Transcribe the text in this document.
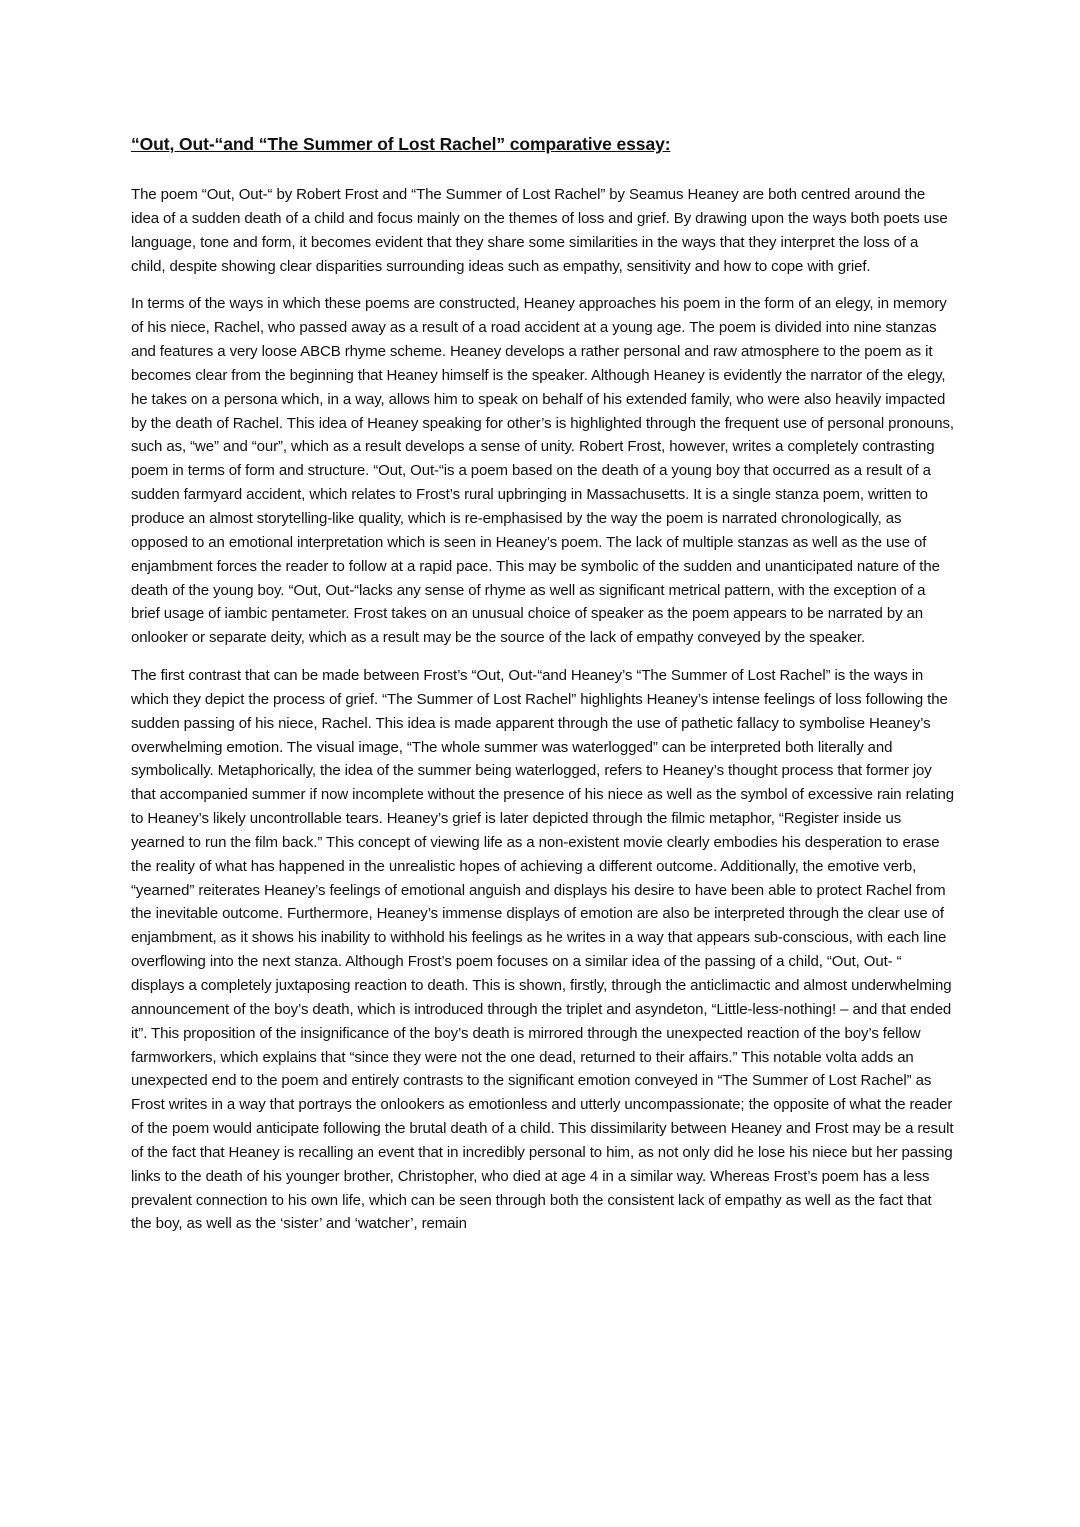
“Out, Out-“and “The Summer of Lost Rachel” comparative essay:

The poem “Out, Out-“ by Robert Frost and “The Summer of Lost Rachel” by Seamus Heaney are both centred around the idea of a sudden death of a child and focus mainly on the themes of loss and grief. By drawing upon the ways both poets use language, tone and form, it becomes evident that they share some similarities in the ways that they interpret the loss of a child, despite showing clear disparities surrounding ideas such as empathy, sensitivity and how to cope with grief.

In terms of the ways in which these poems are constructed, Heaney approaches his poem in the form of an elegy, in memory of his niece, Rachel, who passed away as a result of a road accident at a young age. The poem is divided into nine stanzas and features a very loose ABCB rhyme scheme. Heaney develops a rather personal and raw atmosphere to the poem as it becomes clear from the beginning that Heaney himself is the speaker. Although Heaney is evidently the narrator of the elegy, he takes on a persona which, in a way, allows him to speak on behalf of his extended family, who were also heavily impacted by the death of Rachel. This idea of Heaney speaking for other’s is highlighted through the frequent use of personal pronouns, such as, “we” and “our”, which as a result develops a sense of unity. Robert Frost, however, writes a completely contrasting poem in terms of form and structure. “Out, Out-“is a poem based on the death of a young boy that occurred as a result of a sudden farmyard accident, which relates to Frost’s rural upbringing in Massachusetts. It is a single stanza poem, written to produce an almost storytelling-like quality, which is re-emphasised by the way the poem is narrated chronologically, as opposed to an emotional interpretation which is seen in Heaney’s poem. The lack of multiple stanzas as well as the use of enjambment forces the reader to follow at a rapid pace. This may be symbolic of the sudden and unanticipated nature of the death of the young boy. “Out, Out-“lacks any sense of rhyme as well as significant metrical pattern, with the exception of a brief usage of iambic pentameter. Frost takes on an unusual choice of speaker as the poem appears to be narrated by an onlooker or separate deity, which as a result may be the source of the lack of empathy conveyed by the speaker.

The first contrast that can be made between Frost’s “Out, Out-“and Heaney’s “The Summer of Lost Rachel” is the ways in which they depict the process of grief. “The Summer of Lost Rachel” highlights Heaney’s intense feelings of loss following the sudden passing of his niece, Rachel. This idea is made apparent through the use of pathetic fallacy to symbolise Heaney’s overwhelming emotion. The visual image, “The whole summer was waterlogged” can be interpreted both literally and symbolically. Metaphorically, the idea of the summer being waterlogged, refers to Heaney’s thought process that former joy that accompanied summer if now incomplete without the presence of his niece as well as the symbol of excessive rain relating to Heaney’s likely uncontrollable tears. Heaney’s grief is later depicted through the filmic metaphor, “Register inside us yearned to run the film back.” This concept of viewing life as a non-existent movie clearly embodies his desperation to erase the reality of what has happened in the unrealistic hopes of achieving a different outcome. Additionally, the emotive verb, “yearned” reiterates Heaney’s feelings of emotional anguish and displays his desire to have been able to protect Rachel from the inevitable outcome. Furthermore, Heaney’s immense displays of emotion are also be interpreted through the clear use of enjambment, as it shows his inability to withhold his feelings as he writes in a way that appears sub-conscious, with each line overflowing into the next stanza. Although Frost’s poem focuses on a similar idea of the passing of a child, “Out, Out- “ displays a completely juxtaposing reaction to death. This is shown, firstly, through the anticlimactic and almost underwhelming announcement of the boy’s death, which is introduced through the triplet and asyndeton, “Little-less-nothing! – and that ended it”. This proposition of the insignificance of the boy’s death is mirrored through the unexpected reaction of the boy’s fellow farmworkers, which explains that “since they were not the one dead, returned to their affairs.” This notable volta adds an unexpected end to the poem and entirely contrasts to the significant emotion conveyed in “The Summer of Lost Rachel” as Frost writes in a way that portrays the onlookers as emotionless and utterly uncompassionate; the opposite of what the reader of the poem would anticipate following the brutal death of a child. This dissimilarity between Heaney and Frost may be a result of the fact that Heaney is recalling an event that in incredibly personal to him, as not only did he lose his niece but her passing links to the death of his younger brother, Christopher, who died at age 4 in a similar way. Whereas Frost’s poem has a less prevalent connection to his own life, which can be seen through both the consistent lack of empathy as well as the fact that the boy, as well as the ‘sister’ and ‘watcher’, remain
